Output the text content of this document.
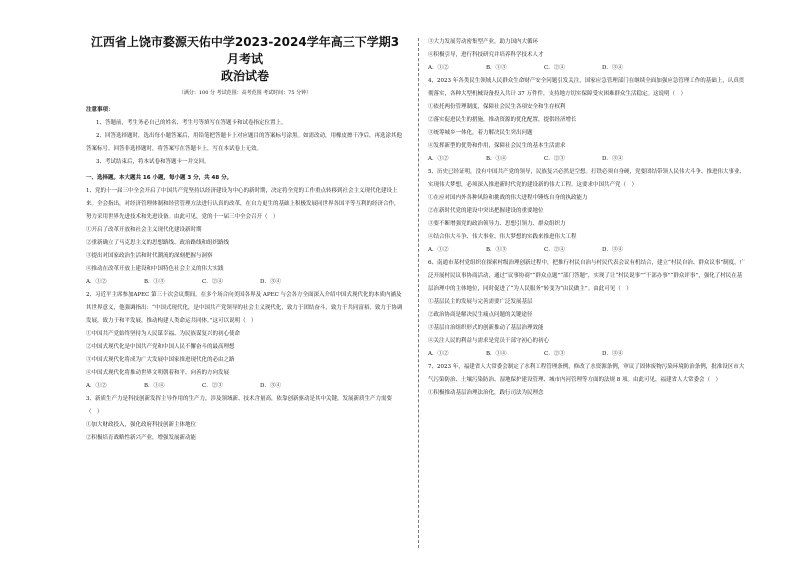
江西省上饶市婺源天佑中学2023-2024学年高三下学期3月考试

政治试卷

（满分：100 分 考试范围：高考范围 考试时间：75 分钟）

注意事项：

1、答题前，考生务必自己的姓名、考生号等填写在答题卡和试卷指定位置上。

2、回答选择题时，选出每小题答案后，用铅笔把答题卡上对应题目的答案标号涂黑。如需改动，用橡皮擦干净后，再选涂其他答案标号。回答非选择题时，将答案写在答题卡上，写在本试卷上无效。

3、考试结束后，将本试卷和答题卡一并交回。

一、选择题。本大题共 16 小题，每小题 3 分，共 48 分。

1、党的十一届三中全会开启了中国共产党坚持以经济建设为中心的新时期，决定将全党的工作重点转移到社会主义现代化建设上来。全会指出，对经济管理体制和经营管理方法进行认真的改革，在自力更生的基础上积极发展同世界各国平等互利的经济合作，努力采用世界先进技术和先进设备。由此可见，党的十一届三中全会召开（　）

①开启了改革开放和社会主义现代化建设新时期

②重新确立了马克思主义的思想路线、政治路线和组织路线

③提出对国家政治生活和时代潮流的深刻把握与洞察

④推动在改革开放上建设和中国特色社会主义的伟大实践

A．①②	B．①③	C．②④	D．③④

2、习近平主席参加APEC 第三十次会议期间，在多个场合向美国各界及 APEC 与会各方全面深入介绍中国式现代化的本质内涵及其世界意义，他强调指出：“中国式现代化，是中国共产党领导的社会主义现代化，致力于团结奋斗，致力于共同富裕，致力于协调发展，致力于和平发展，推动构建人类命运共同体。”这可以说明（　）

①中国共产党始终坚持为人民谋幸福、为民族谋复兴的初心使命

②中国式现代化是中国共产党和中国人民不懈奋斗的最高理想

③中国式现代化将成为广大发展中国家推进现代化的必由之路

④中国式现代化将推动世界文明朝着和平、向善的方向发展

A．①②	B．①④	C．②③	D．③④

3、新质生产力是科技创新发挥主导作用的生产力，涉及领域新、技术含量高，依靠创新驱动是其中关键。发展新质生产力需要（　）

①加大财政投入，强化政府科技创新主体地位

②积极培育战略性新兴产业，增强发展新动能

③大力发展劳动密集型产业，助力国内大循环

④积极引导，进行科技研究并培养科学技术人才

A．①②	B．①③	C．②④	D．③④

4、2023 年各类民生领域人民群众生命财产安全问题引发关注，国家应急管理部门在继续全面加强应急管理工作的基础上，认真贯彻落实，各种大型机械设备投入共计 37 万件件，支持地方切实保障受灾困难群众生活稳定。这说明（　）

①依托两份管理制度，保障社会民生各项安全和生存权利

②落实促进民生的措施，推动资源的优化配置，提供经济增长

③统筹城乡一体化，着力解决民生突出问题

④发挥新型的优势和作用，保障社会民生的基本生活需求

A．①②	B．①④	C．②③	D．③④

5、历史已经证明，没有中国共产党的领导，民族复兴必然是空想。打铁必须自身硬，党要团结带领人民伟大斗争、推进伟大事业、实现伟大梦想，必须深入推进新时代党的建设新的伟大工程。这要求中国共产党（　）

①在应对国内外各种风险和挑战的伟大进程中锤炼自身的执政能力

②在新时代党的建设中突出把握建设的重要地位

③要不断增强党的政治领导力、思想引领力、群众组织力

④结合伟大斗争、伟大事业、伟大梦想的实践来推进伟大工程

A．①②	B．①③	C．②④	D．③④

6、南通市某村党组织在探索村级治理创新过程中，把推行村民自治与村民代表会议有机结合，建立“村民自治、群众议事”制度，广泛开展村民议事协商活动，通过“议事协商”“群众点题”“部门答题”，实现了让“村民说事”“干部办事”“群众评事”，强化了村民在基层治理中的主体地位，同时促进了“为人民服务”转变为“由民做主”。由此可见（　）

①基层民主的发展与完善需要广泛发展基层

②政治协商是解决民生痛点问题的关键途径

③基层自治组织形式的创新推动了基层治理效能

④关注人民的利益与需求是党员干部守初心的初心

A．①②	B．①④	C．②③	D．③④

7、2023 年，福建省人大常委会制定了水利工程管理条例，修改了水资源条例，审议了固体废物污染环境防治条例，批准设区市大气污染防治、土壤污染防治、湿地保护建设管理、城市内河管理等方面的法规 8 项。由此可见，福建省人大常委会（　）

①积极推动基层治理法治化，践行司法为民理念
